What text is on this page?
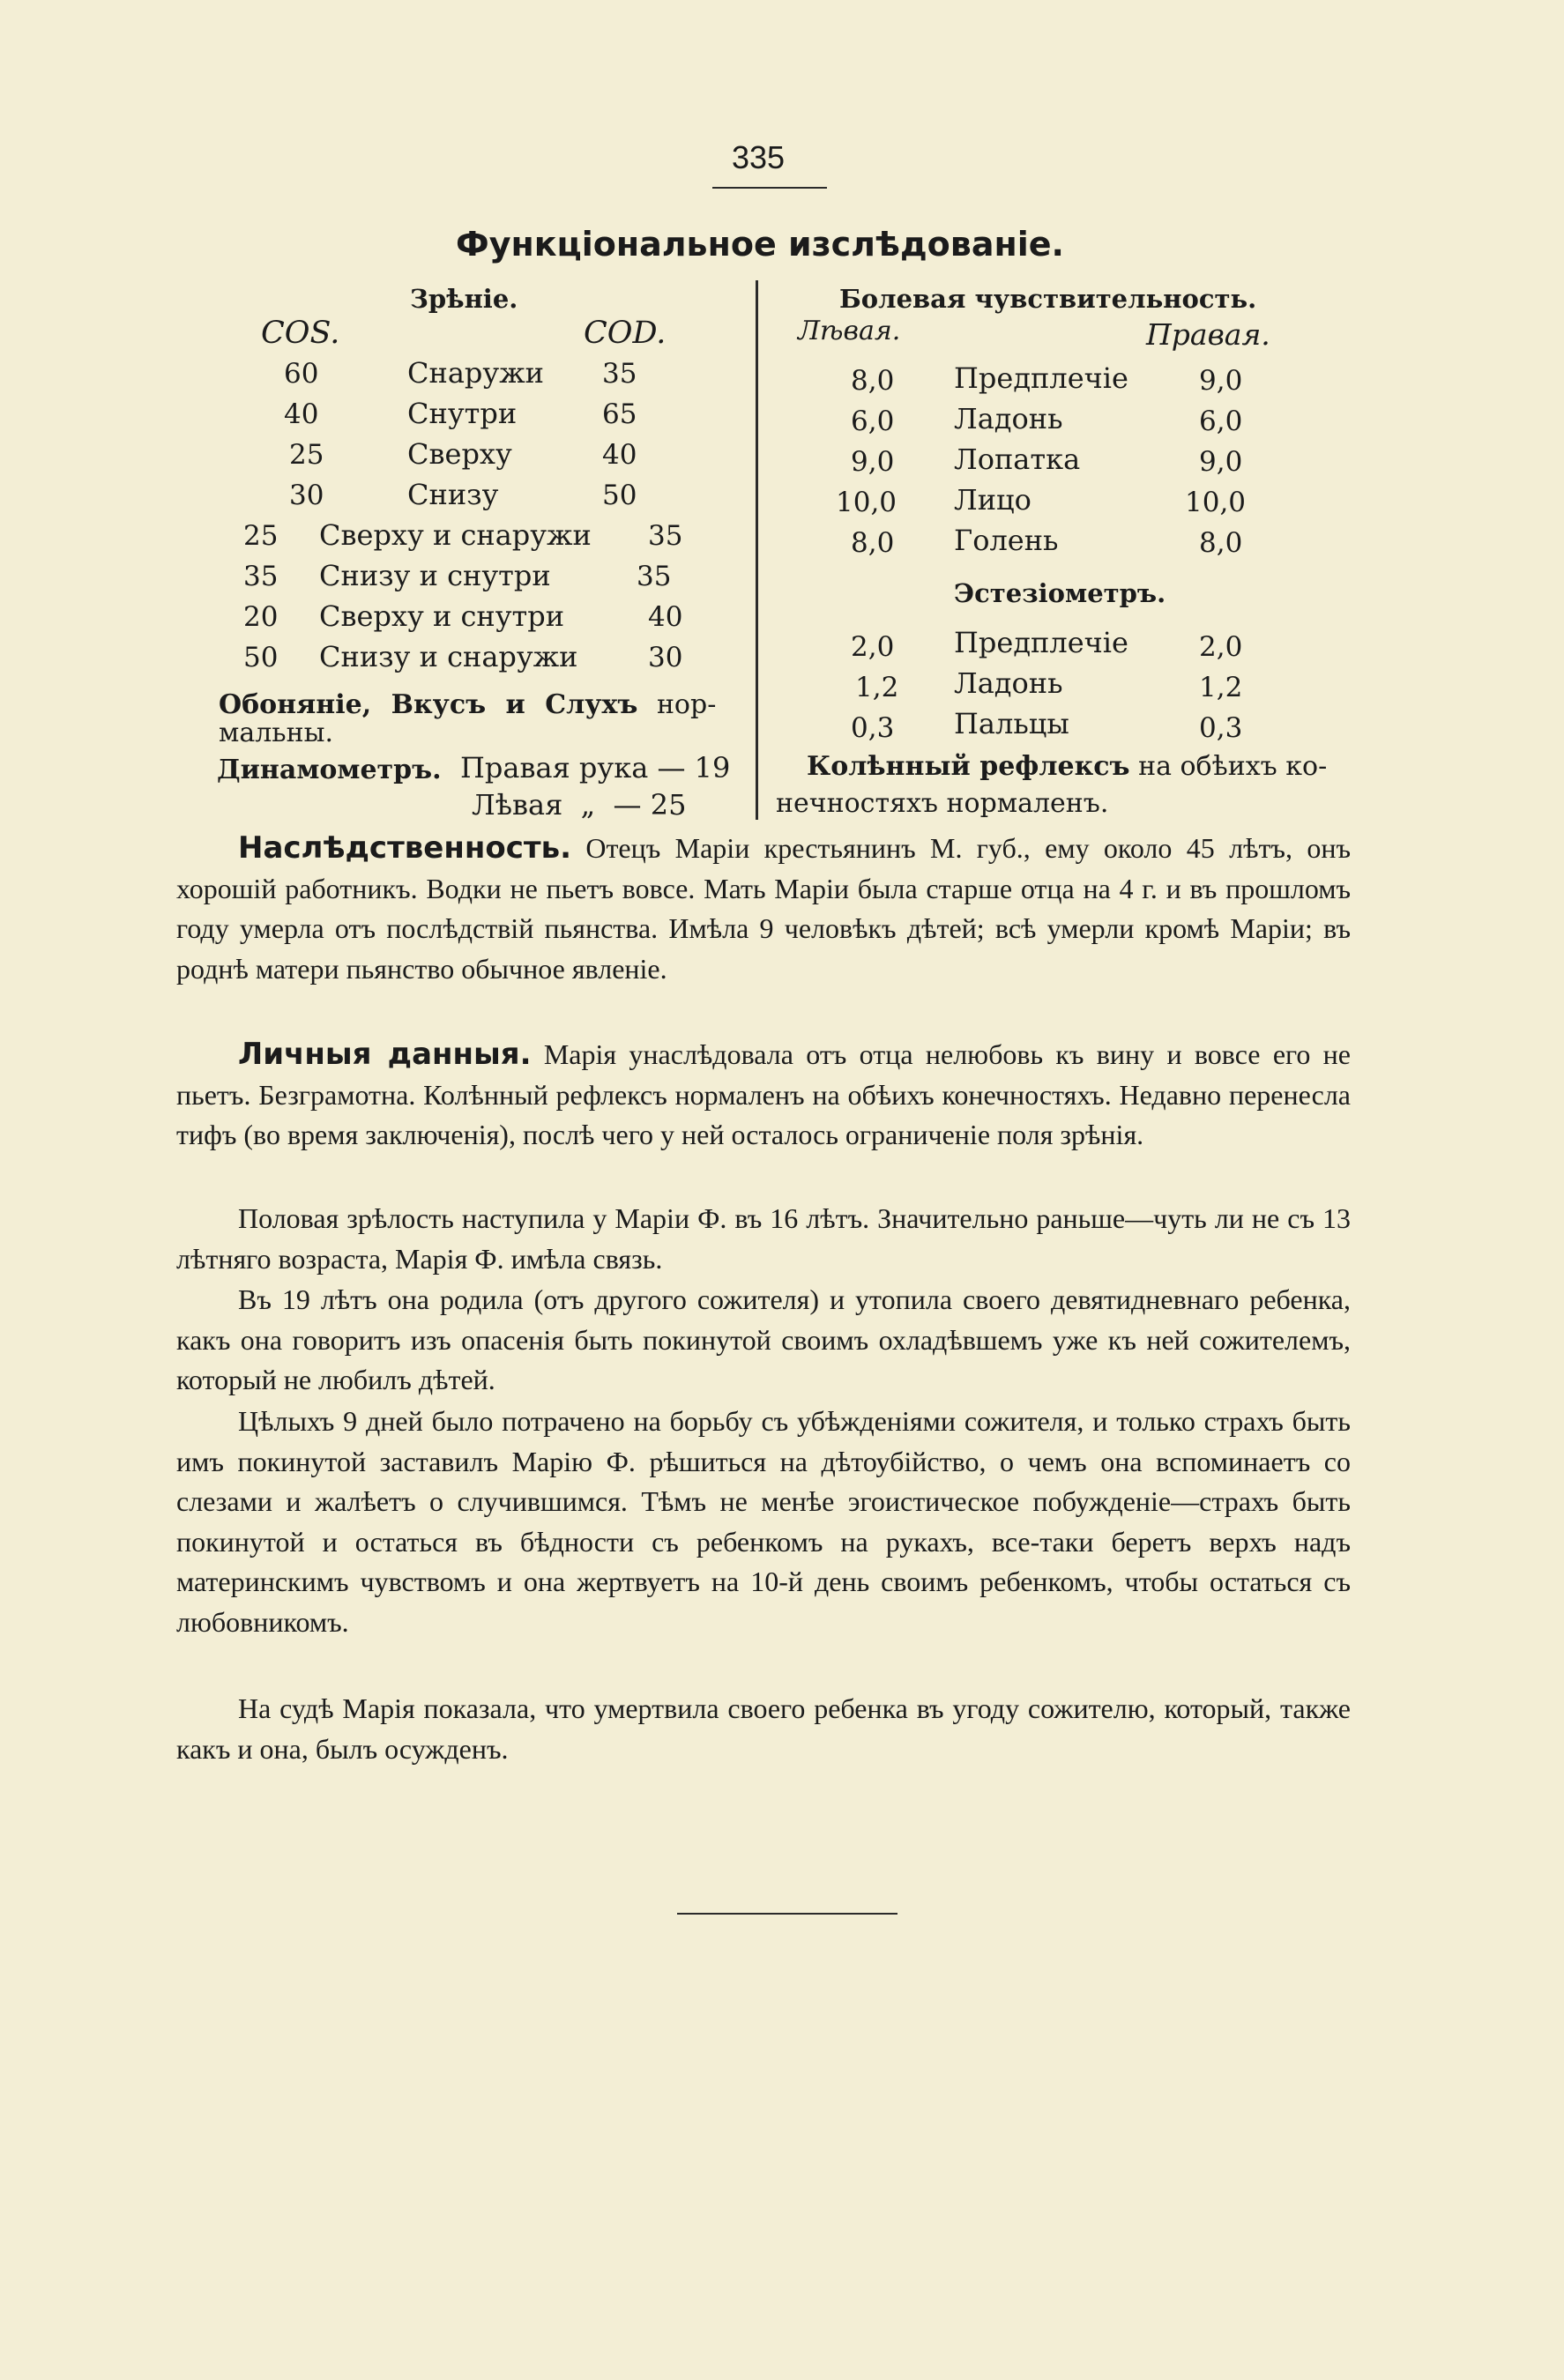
335
Функціональное изслѣдованіе.
Зрѣніе.
COS.	COD.
60	Снаружи 35
40	Снутри	65
25	Сверху	40
30	Снизу	50
25 Сверху и снаружи 35
35 Снизу и снутри	35
20 Сверху и снутри	40
50 Снизу и снаружи	30
Обоняніе, Вкусъ и Слухъ нор-
мальны.
Динамометръ. Правая рука — 19
Лѣвая  „  — 25
Болевая чувствительность.
Лѣвая.	Правая.
8,0 Предплечіе	9,0
6,0 Ладонь	6,0
9,0 Лопатка	9,0
10,0 Лицо	10,0
8,0 Голень	8,0
Эстезіометръ.
2,0 Предплечіе	2,0
1,2 Ладонь	1,2
0,3 Пальцы	0,3
Колѣнный рефлексъ на обѣихъ ко-
нечностяхъ нормаленъ.

Наслѣдственность. Отецъ Маріи крестьянинъ М. губ., ему около 45 лѣтъ, онъ хорошій работникъ. Водки не пьетъ вовсе. Мать Маріи была старше отца на 4 г. и въ прошломъ году умерла отъ послѣдствій пьянства. Имѣла 9 человѣкъ дѣтей; всѣ умерли кромѣ Маріи; въ роднѣ матери пьянство обычное явленіе.

Личныя данныя. Марія унаслѣдовала отъ отца нелюбовь къ вину и вовсе его не пьетъ. Безграмотна. Колѣнный рефлексъ нормаленъ на обѣихъ конечностяхъ. Недавно перенесла тифъ (во время заключенія), послѣ чего у ней осталось ограниченіе поля зрѣнія.

Половая зрѣлость наступила у Маріи Ф. въ 16 лѣтъ. Значительно раньше—чуть ли не съ 13 лѣтняго возраста, Марія Ф. имѣла связь.

Въ 19 лѣтъ она родила (отъ другого сожителя) и утопила своего девятидневнаго ребенка, какъ она говоритъ изъ опасенія быть покинутой своимъ охладѣвшемъ уже къ ней сожителемъ, который не любилъ дѣтей.

Цѣлыхъ 9 дней было потрачено на борьбу съ убѣжденіями сожителя, и только страхъ быть имъ покинутой заставилъ Марію Ф. рѣшиться на дѣтоубійство, о чемъ она вспоминаетъ со слезами и жалѣетъ о случившимся. Тѣмъ не менѣе эгоистическое побужденіе—страхъ быть покинутой и остаться въ бѣдности съ ребенкомъ на рукахъ, все-таки беретъ верхъ надъ материнскимъ чувствомъ и она жертвуетъ на 10-й день своимъ ребенкомъ, чтобы остаться съ любовникомъ.

На судѣ Марія показала, что умертвила своего ребенка въ угоду сожителю, который, также какъ и она, былъ осужденъ.
